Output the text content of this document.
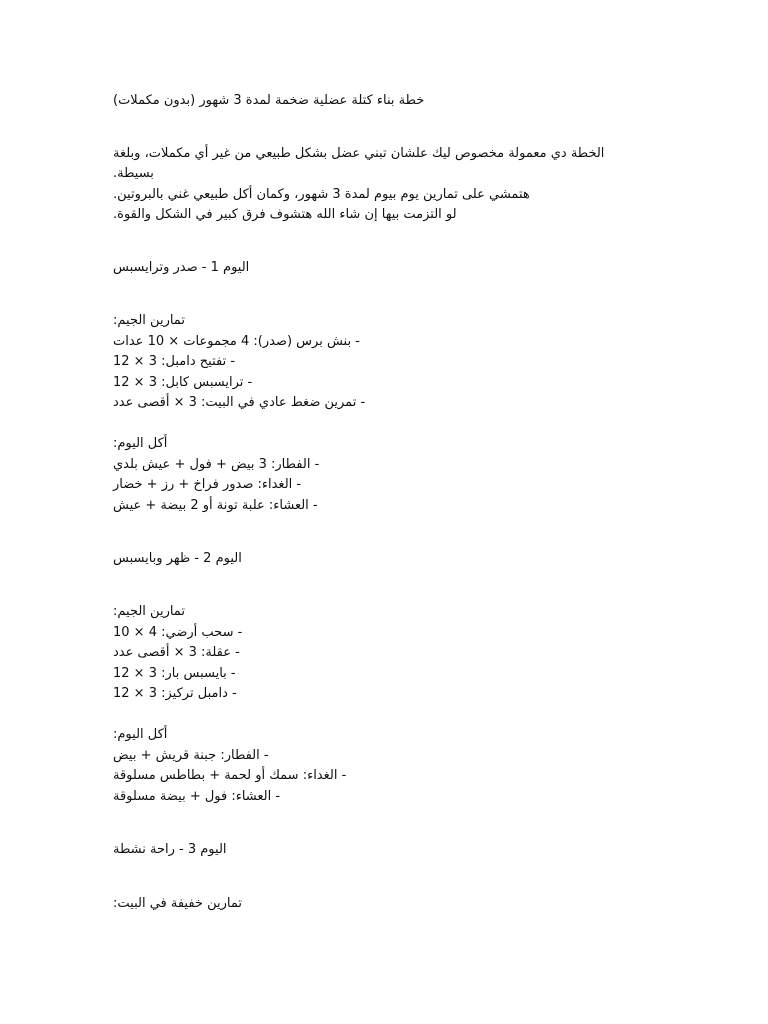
خطة بناء كتلة عضلية ضخمة لمدة 3 شهور (بدون مكملات)
الخطة دي معمولة مخصوص ليك علشان تبني عضل بشكل طبيعي من غير أي مكملات، وبلغة
بسيطة.
هتمشي على تمارين يوم بيوم لمدة 3 شهور، وكمان أكل طبيعي غني بالبروتين.
لو التزمت بيها إن شاء الله هتشوف فرق كبير في الشكل والقوة.
اليوم 1 - صدر وترايسبس
تمارين الجيم:
- بنش برس (صدر): 4 مجموعات × 10 عدات
- تفتيح دامبل: 3 × 12
- ترايسبس كابل: 3 × 12
- تمرين ضغط عادي في البيت: 3 × أقصى عدد
أكل اليوم:
- الفطار: 3 بيض + فول + عيش بلدي
- الغداء: صدور فراخ + رز + خضار
- العشاء: علبة تونة أو 2 بيضة + عيش
اليوم 2 - ظهر وبايسبس
تمارين الجيم:
- سحب أرضي: 4 × 10
- عقلة: 3 × أقصى عدد
- بايسبس بار: 3 × 12
- دامبل تركيز: 3 × 12
أكل اليوم:
- الفطار: جبنة قريش + بيض
- الغداء: سمك أو لحمة + بطاطس مسلوقة
- العشاء: فول + بيضة مسلوقة
اليوم 3 - راحة نشطة
تمارين خفيفة في البيت:
